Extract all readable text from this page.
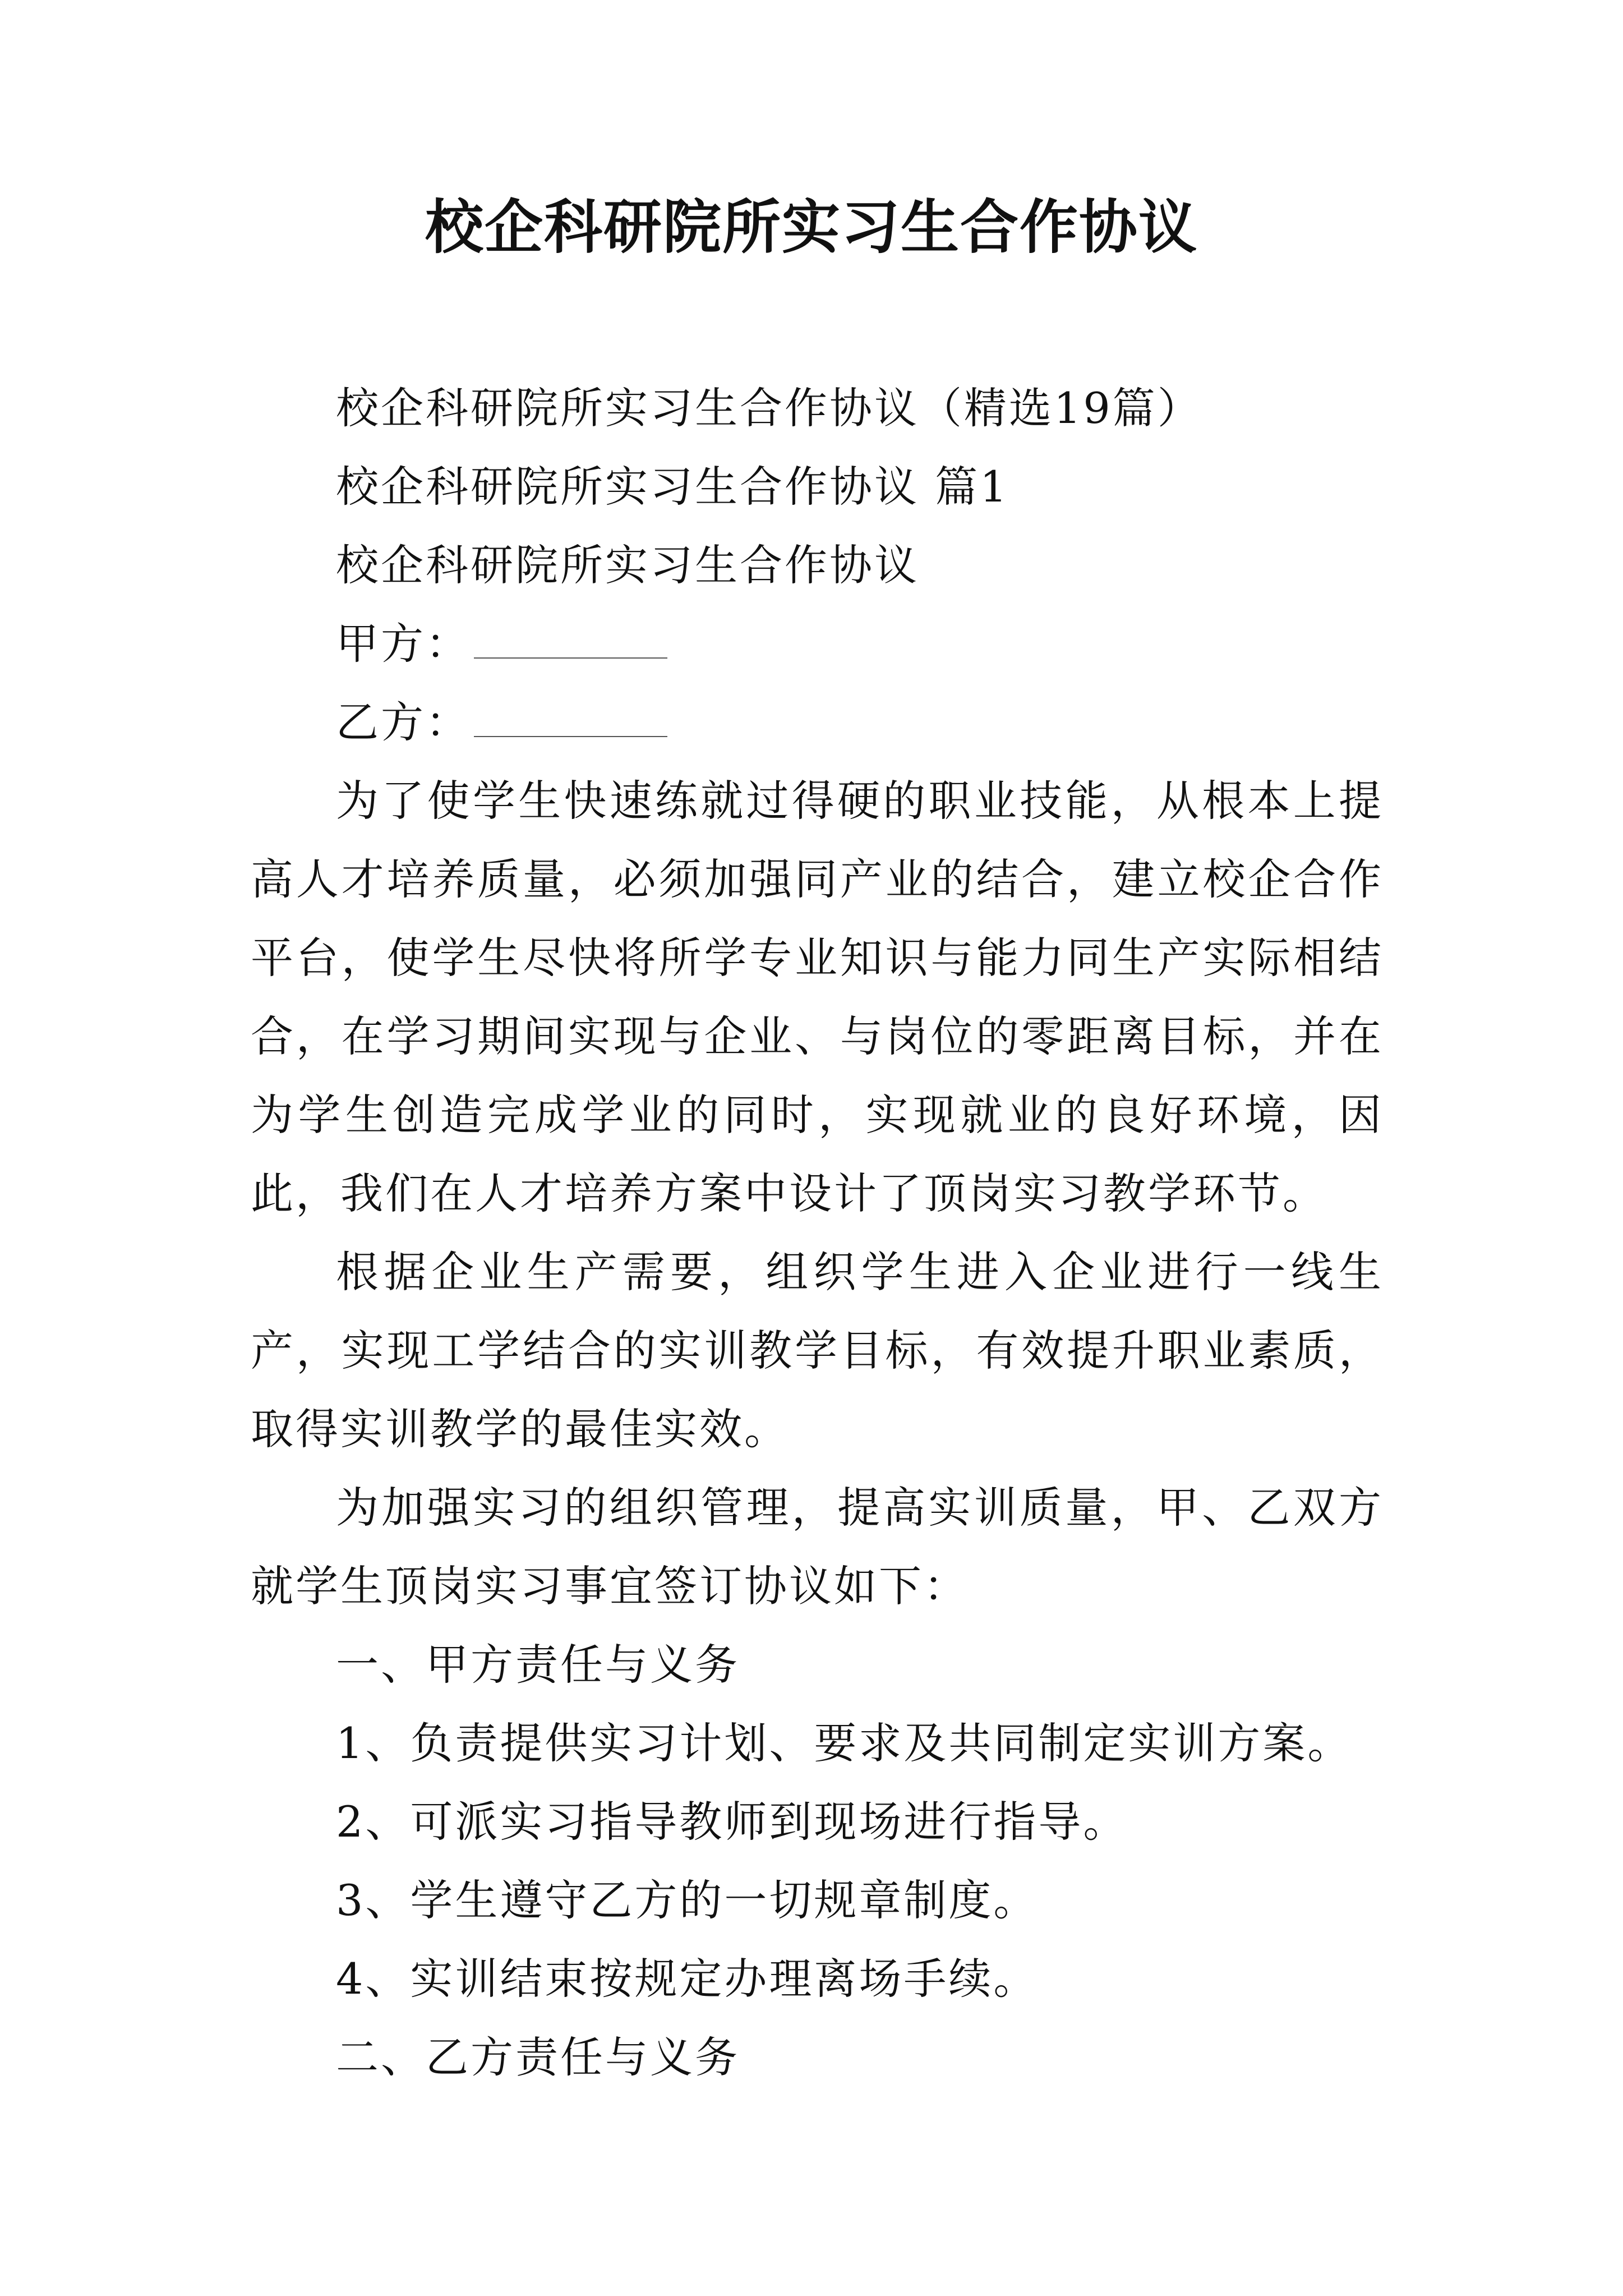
校企科研院所实习生合作协议
校企科研院所实习生合作协议（精选19篇）
校企科研院所实习生合作协议 篇1
校企科研院所实习生合作协议
甲方：
乙方：

为了使学生快速练就过得硬的职业技能，从根本上提高人才培养质量，必须加强同产业的结合，建立校企合作平台，使学生尽快将所学专业知识与能力同生产实际相结合，在学习期间实现与企业、与岗位的零距离目标，并在为学生创造完成学业的同时，实现就业的良好环境，因此，我们在人才培养方案中设计了顶岗实习教学环节。

根据企业生产需要，组织学生进入企业进行一线生产，实现工学结合的实训教学目标，有效提升职业素质，取得实训教学的最佳实效。

为加强实习的组织管理，提高实训质量，甲、乙双方就学生顶岗实习事宜签订协议如下：

一、甲方责任与义务
1、负责提供实习计划、要求及共同制定实训方案。
2、可派实习指导教师到现场进行指导。
3、学生遵守乙方的一切规章制度。
4、实训结束按规定办理离场手续。
二、乙方责任与义务
